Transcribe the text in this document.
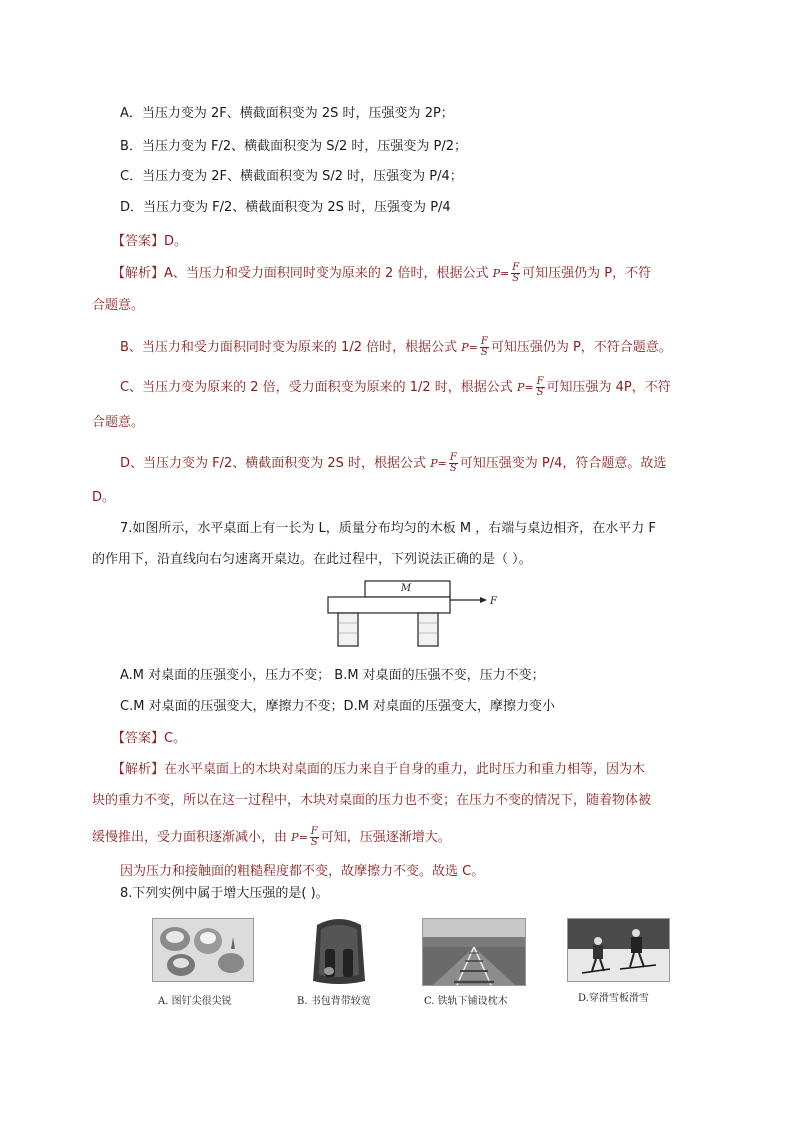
A．当压力变为 2F、横截面积变为 2S 时，压强变为 2P；
B．当压力变为 F/2、横截面积变为 S/2 时，压强变为 P/2；
C．当压力变为 2F、横截面积变为 S/2 时，压强变为 P/4；
D．当压力变为 F/2、横截面积变为 2S 时，压强变为 P/4
【答案】D。
【解析】A、当压力和受力面积同时变为原来的 2 倍时，根据公式 $P= \frac{F}{S}$ 可知压强仍为 P，不符
合题意。
B、当压力和受力面积同时变为原来的 1/2 倍时，根据公式 $P= \frac{F}{S}$ 可知压强仍为 P，不符合题意。
C、当压力变为原来的 2 倍，受力面积变为原来的 1/2 时，根据公式 $P= \frac{F}{S}$ 可知压强为 4P，不符
合题意。
D、当压力变为 F/2、横截面积变为 2S 时，根据公式 $P= \frac{F}{S}$ 可知压强变为 P/4，符合题意。故选
D。
7.如图所示，水平桌面上有一长为 L，质量分布均匀的木板 M ，右端与桌边相齐，在水平力 F
的作用下，沿直线向右匀速离开桌边。在此过程中，下列说法正确的是（ ）。
M
F
A.M 对桌面的压强变小，压力不变； B.M 对桌面的压强不变，压力不变；
C.M 对桌面的压强变大，摩擦力不变；D.M 对桌面的压强变大，摩擦力变小
【答案】C。
【解析】在水平桌面上的木块对桌面的压力来自于自身的重力，此时压力和重力相等，因为木
块的重力不变，所以在这一过程中，木块对桌面的压力也不变；在压力不变的情况下，随着物体被
缓慢推出，受力面积逐渐减小，由 $P= \frac{F}{S}$ 可知，压强逐渐增大。
因为压力和接触面的粗糙程度都不变，故摩擦力不变。故选 C。
8.下列实例中属于增大压强的是( )。
A. 图钉尖很尖锐	B. 书包背带较宽	C. 铁轨下铺设枕木	D.穿滑雪板滑雪
